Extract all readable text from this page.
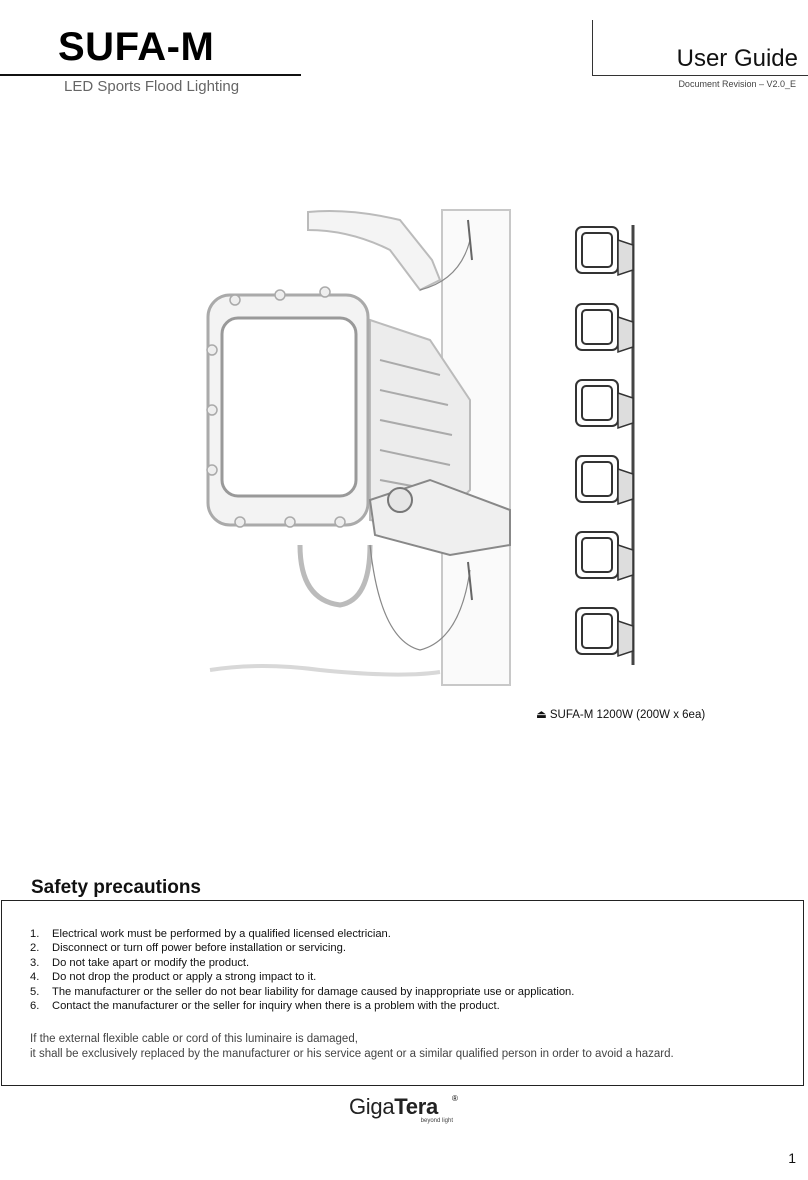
SUFA-M
LED Sports Flood Lighting
User Guide
Document Revision – V2.0_E
⏏ SUFA-M 1200W (200W x 6ea)
Safety precautions
1. Electrical work must be performed by a qualified licensed electrician.
2. Disconnect or turn off power before installation or servicing.
3. Do not take apart or modify the product.
4. Do not drop the product or apply a strong impact to it.
5. The manufacturer or the seller do not bear liability for damage caused by inappropriate use or application.
6. Contact the manufacturer or the seller for inquiry when there is a problem with the product.
If the external flexible cable or cord of this luminaire is damaged,
it shall be exclusively replaced by the manufacturer or his service agent or a similar qualified person in order to avoid a hazard.
GigaTera	®
beyond light
1
